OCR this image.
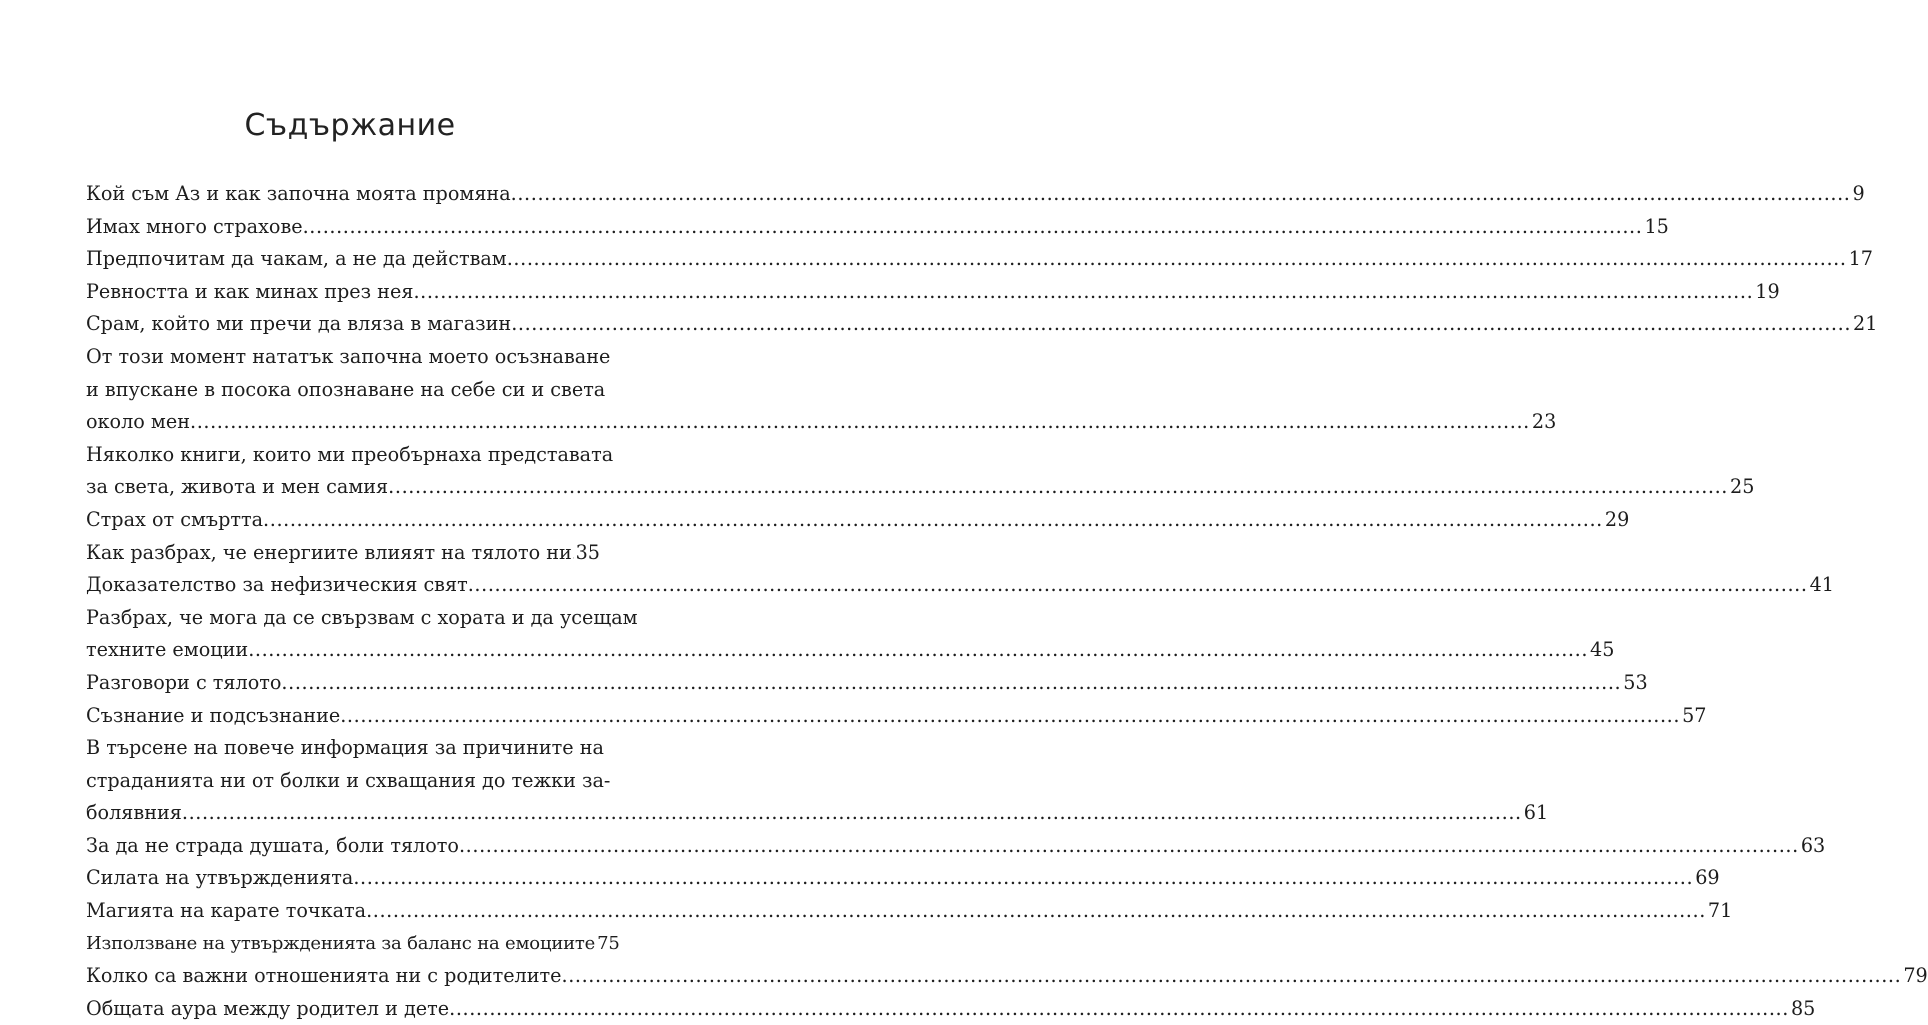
Съдържание
Кой съм Аз и как започна моята промяна ........................................................................................................................................................................................................ 9
Имах много страхове ........................................................................................................................................................................................................ 15
Предпочитам да чакам, а не да действам ........................................................................................................................................................................................................ 17
Ревността и как минах през нея ........................................................................................................................................................................................................ 19
Срам, който ми пречи да вляза в магазин ........................................................................................................................................................................................................ 21
От този момент нататък започна моето осъзнаване
и впускане в посока опознаване на себе си и света
около мен ........................................................................................................................................................................................................ 23
Няколко книги, които ми преобърнаха представата
за света, живота и мен самия ........................................................................................................................................................................................................ 25
Страх от смъртта ........................................................................................................................................................................................................ 29
Как разбрах, че енергиите влияят на тялото ни 35
Доказателство за нефизическия свят ........................................................................................................................................................................................................ 41
Разбрах, че мога да се свързвам с хората и да усещам
техните емоции ........................................................................................................................................................................................................ 45
Разговори с тялото ........................................................................................................................................................................................................ 53
Съзнание и подсъзнание ........................................................................................................................................................................................................ 57
В търсене на повече информация за причините на
страданията ни от болки и схващания до тежки за-
болявния ........................................................................................................................................................................................................ 61
За да не страда душата, боли тялото ........................................................................................................................................................................................................ 63
Силата на утвържденията ........................................................................................................................................................................................................ 69
Магията на карате точката ........................................................................................................................................................................................................ 71
Използване на утвържденията за баланс на емоциите 75
Колко са важни отношенията ни с родителите ........................................................................................................................................................................................................ 79
Общата аура между родител и дете ........................................................................................................................................................................................................ 85
